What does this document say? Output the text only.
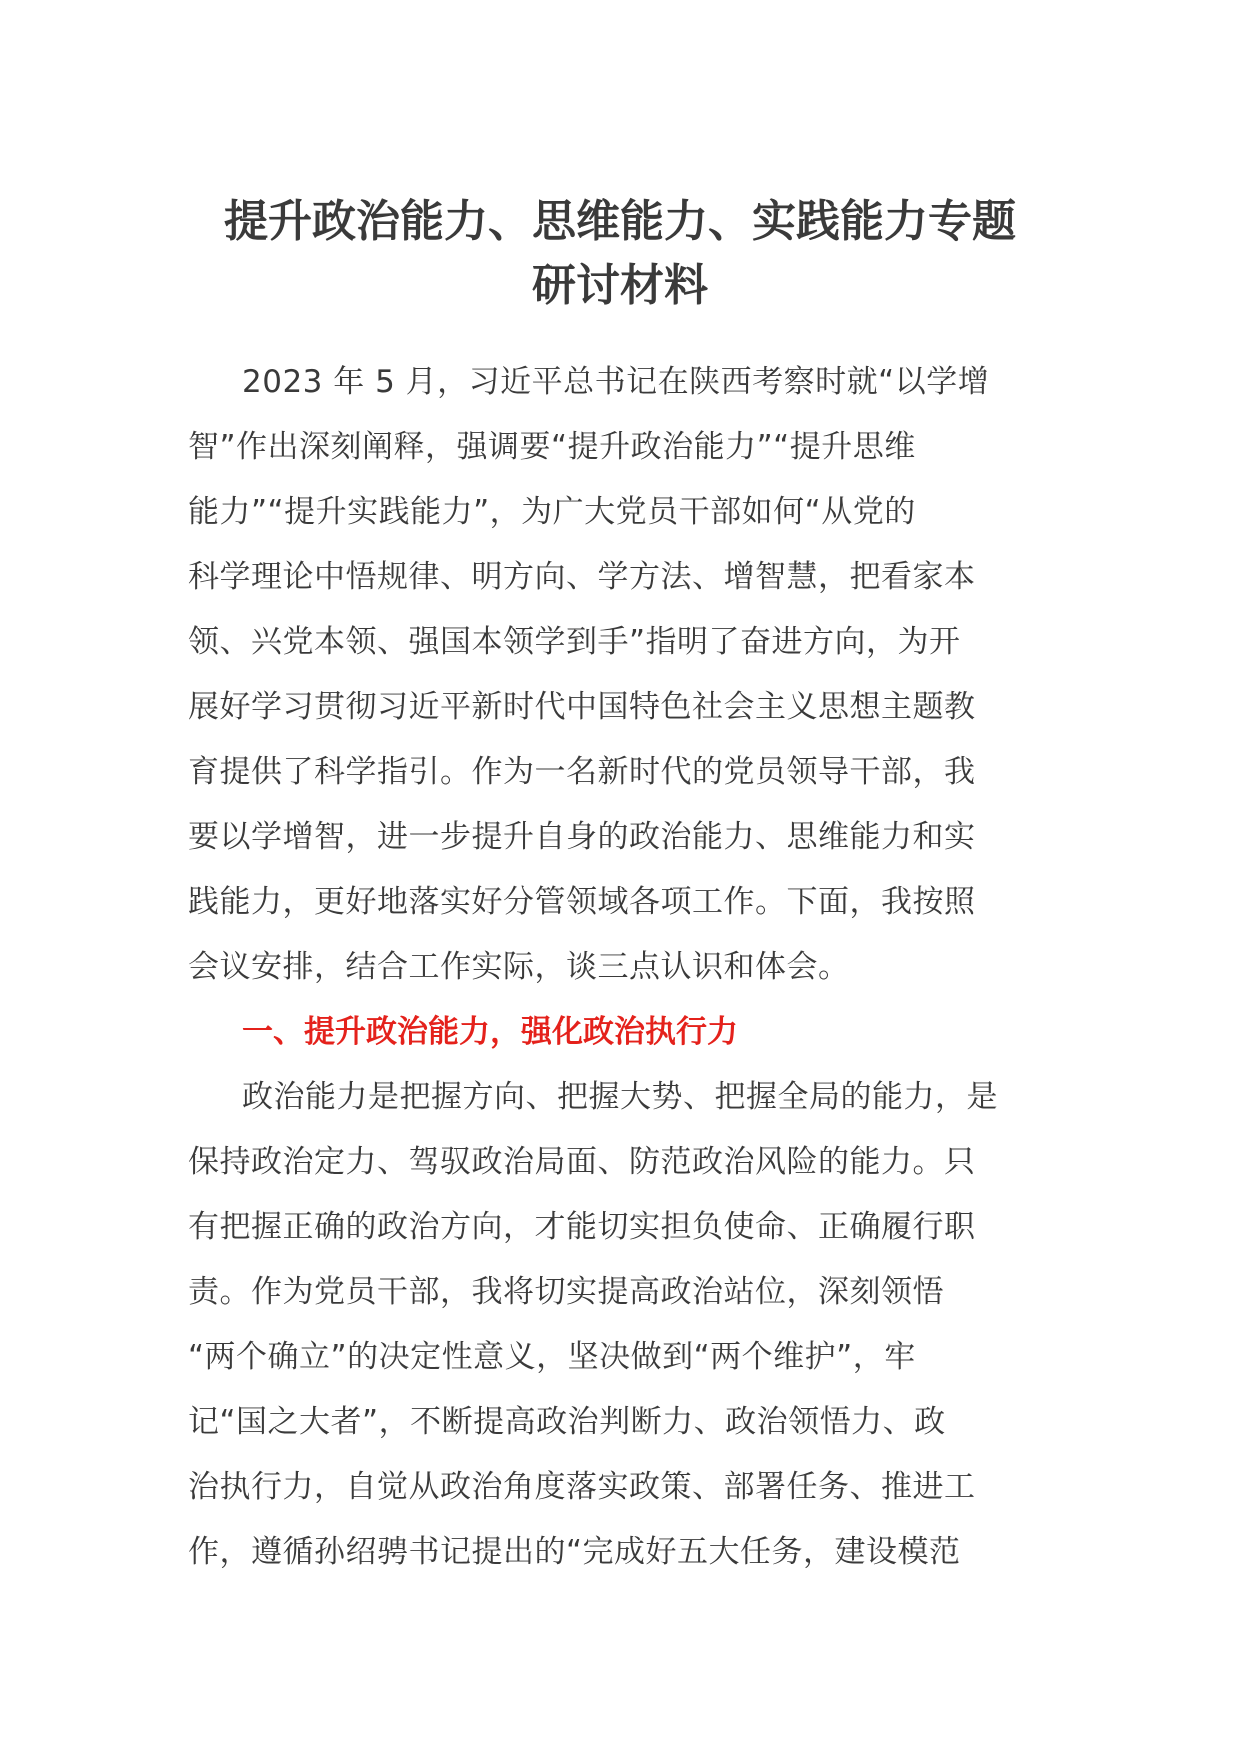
提升政治能力、思维能力、实践能力专题
研讨材料

2023 年 5 月，习近平总书记在陕西考察时就“以学增
智”作出深刻阐释，强调要“提升政治能力”“提升思维
能力”“提升实践能力”，为广大党员干部如何“从党的
科学理论中悟规律、明方向、学方法、增智慧，把看家本
领、兴党本领、强国本领学到手”指明了奋进方向，为开
展好学习贯彻习近平新时代中国特色社会主义思想主题教
育提供了科学指引。作为一名新时代的党员领导干部，我
要以学增智，进一步提升自身的政治能力、思维能力和实
践能力，更好地落实好分管领域各项工作。下面，我按照
会议安排，结合工作实际，谈三点认识和体会。

一、提升政治能力，强化政治执行力

政治能力是把握方向、把握大势、把握全局的能力，是
保持政治定力、驾驭政治局面、防范政治风险的能力。只
有把握正确的政治方向，才能切实担负使命、正确履行职
责。作为党员干部，我将切实提高政治站位，深刻领悟
“两个确立”的决定性意义，坚决做到“两个维护”，牢
记“国之大者”，不断提高政治判断力、政治领悟力、政
治执行力，自觉从政治角度落实政策、部署任务、推进工
作，遵循孙绍骋书记提出的“完成好五大任务，建设模范
